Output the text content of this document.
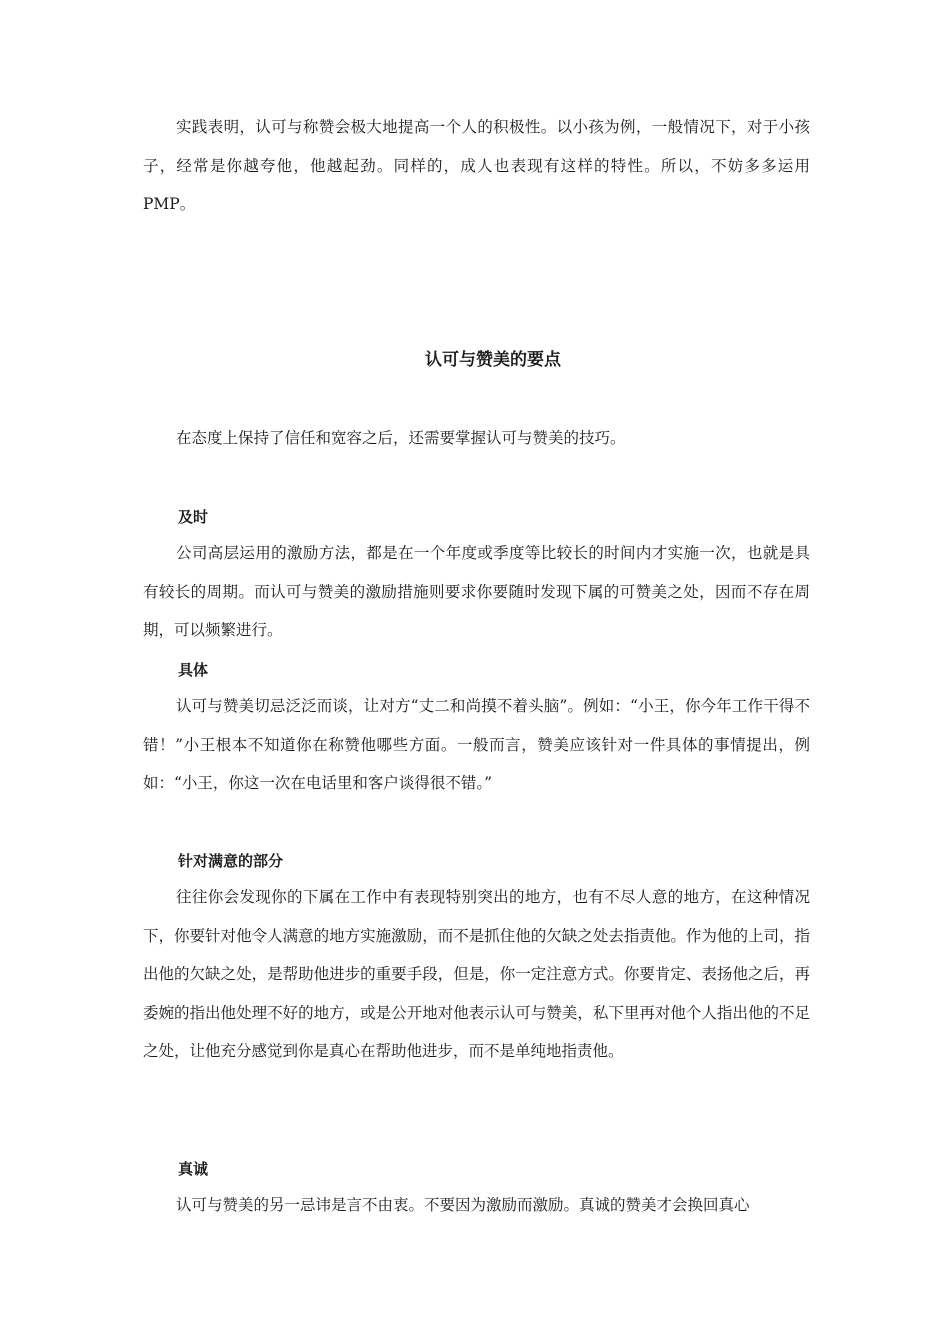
实践表明，认可与称赞会极大地提高一个人的积极性。以小孩为例，一般情况下，对于小孩子，经常是你越夸他，他越起劲。同样的，成人也表现有这样的特性。所以，不妨多多运用PMP。

认可与赞美的要点

在态度上保持了信任和宽容之后，还需要掌握认可与赞美的技巧。

及时

公司高层运用的激励方法，都是在一个年度或季度等比较长的时间内才实施一次，也就是具有较长的周期。而认可与赞美的激励措施则要求你要随时发现下属的可赞美之处，因而不存在周期，可以频繁进行。

具体

认可与赞美切忌泛泛而谈，让对方“丈二和尚摸不着头脑”。例如：“小王，你今年工作干得不错！”小王根本不知道你在称赞他哪些方面。一般而言，赞美应该针对一件具体的事情提出，例如：“小王，你这一次在电话里和客户谈得很不错。”

针对满意的部分

往往你会发现你的下属在工作中有表现特别突出的地方，也有不尽人意的地方，在这种情况下，你要针对他令人满意的地方实施激励，而不是抓住他的欠缺之处去指责他。作为他的上司，指出他的欠缺之处，是帮助他进步的重要手段，但是，你一定注意方式。你要肯定、表扬他之后，再委婉的指出他处理不好的地方，或是公开地对他表示认可与赞美，私下里再对他个人指出他的不足之处，让他充分感觉到你是真心在帮助他进步，而不是单纯地指责他。

真诚

认可与赞美的另一忌讳是言不由衷。不要因为激励而激励。真诚的赞美才会换回真心
